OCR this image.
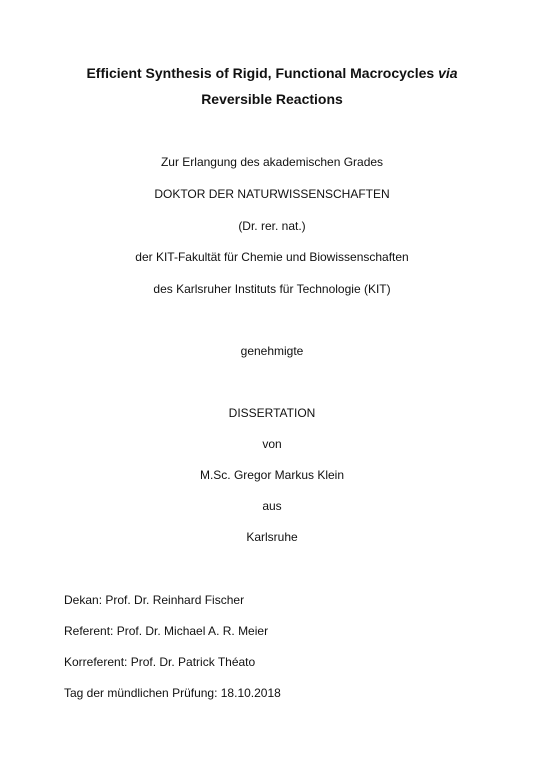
Efficient Synthesis of Rigid, Functional Macrocycles via
Reversible Reactions
Zur Erlangung des akademischen Grades
DOKTOR DER NATURWISSENSCHAFTEN
(Dr. rer. nat.)
der KIT-Fakultät für Chemie und Biowissenschaften
des Karlsruher Instituts für Technologie (KIT)
genehmigte
DISSERTATION
von
M.Sc. Gregor Markus Klein
aus
Karlsruhe
Dekan: Prof. Dr. Reinhard Fischer
Referent: Prof. Dr. Michael A. R. Meier
Korreferent: Prof. Dr. Patrick Théato
Tag der mündlichen Prüfung: 18.10.2018
